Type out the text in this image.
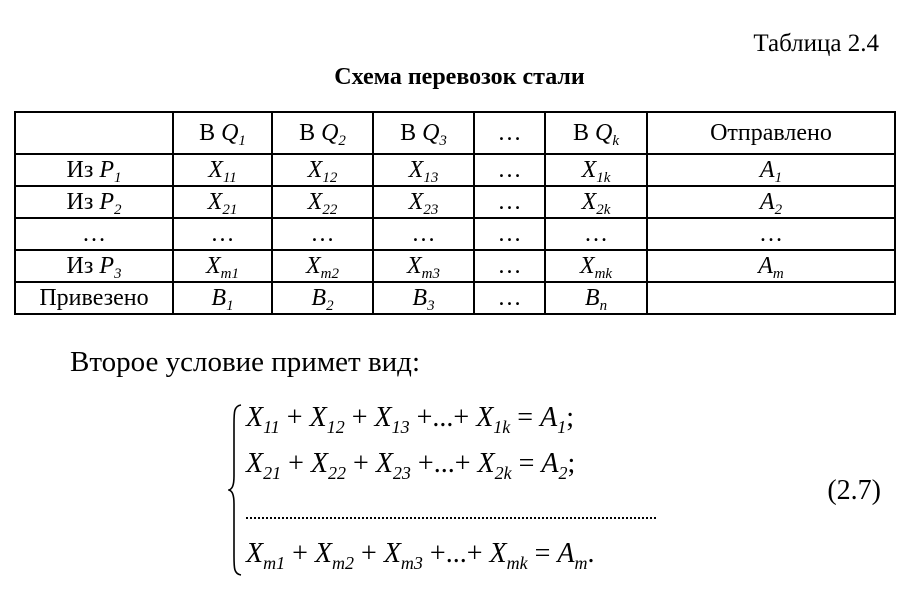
Таблица 2.4
Схема перевозок стали
	В $Q_1$	В $Q_2$	В $Q_3$	…	В $Q_k$	Отправлено
Из $P_1$	$X_{11}$	$X_{12}$	$X_{13}$	…	$X_{1k}$	$A_1$
Из $P_2$	$X_{21}$	$X_{22}$	$X_{23}$	…	$X_{2k}$	$A_2$
…	…	…	…	…	…	…
Из $P_3$	$X_{m1}$	$X_{m2}$	$X_{m3}$	…	$X_{mk}$	$A_m$
Привезено	$B_1$	$B_2$	$B_3$	…	$B_n$	
Второе условие примет вид:
$X_{11} + X_{12} + X_{13}$ +...+ $X_{1k} = A_1$;
$X_{21} + X_{22} + X_{23}$ +...+ $X_{2k} = A_2$;
$X_{m1} + X_{m2} + X_{m3}$ +...+ $X_{mk} = A_m$.
(2.7)
